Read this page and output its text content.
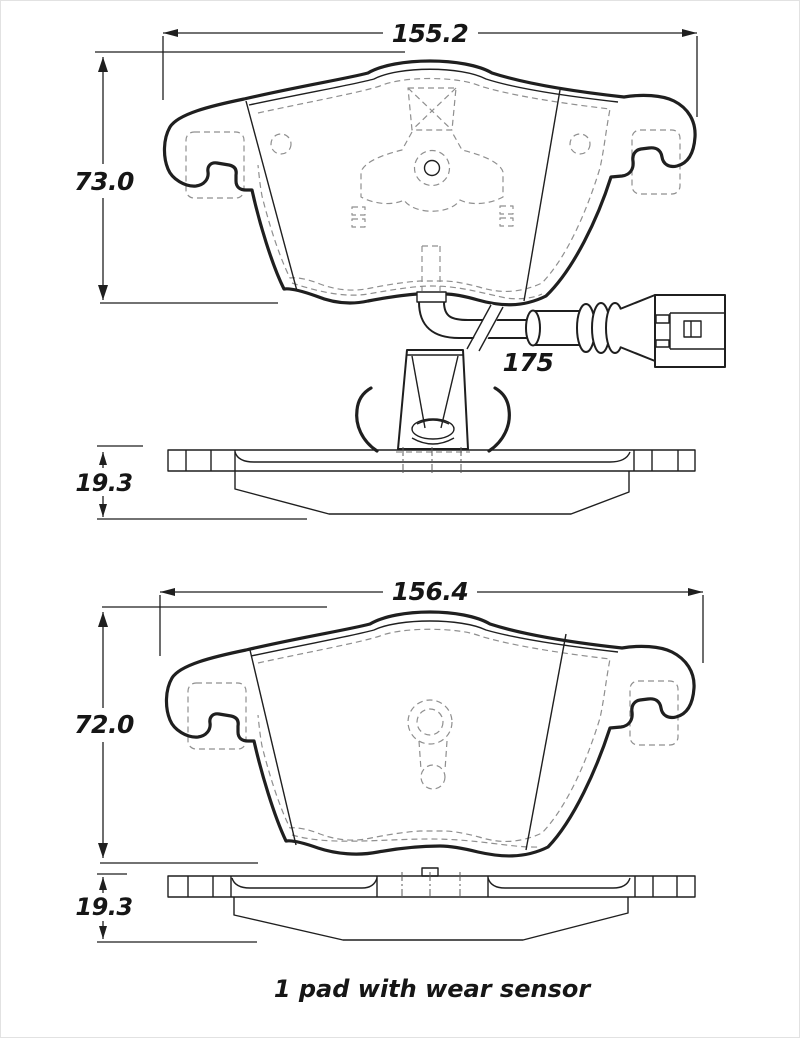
155.2
73.0
175
19.3
156.4
72.0
19.3
1 pad with wear sensor
